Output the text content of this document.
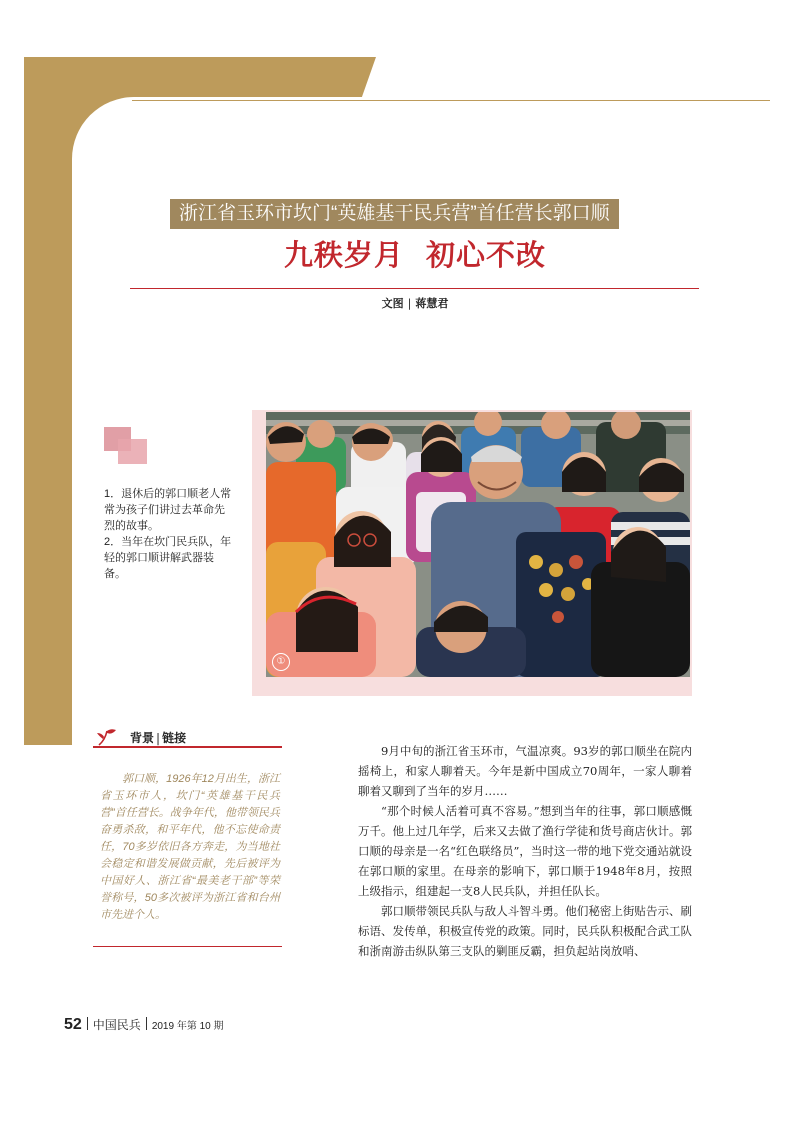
浙江省玉环市坎门“英雄基干民兵营”首任营长郭口顺
九秩岁月 初心不改
文图 | 蒋慧君

1．退休后的郭口顺老人常常为孩子们讲过去革命先烈的故事。

2．当年在坎门民兵队，年轻的郭口顺讲解武器装备。

①
背景 | 链接
郭口顺，1926年12月出生，浙江省玉环市人，坎门“英雄基干民兵营”首任营长。战争年代，他带领民兵奋勇杀敌，和平年代，他不忘使命责任，70多岁依旧各方奔走，为当地社会稳定和谐发展做贡献，先后被评为中国好人、浙江省“最美老干部”等荣誉称号，50多次被评为浙江省和台州市先进个人。

9月中旬的浙江省玉环市，气温凉爽。93岁的郭口顺坐在院内摇椅上，和家人聊着天。今年是新中国成立70周年，一家人聊着聊着又聊到了当年的岁月……

“那个时候人活着可真不容易。”想到当年的往事，郭口顺感慨万千。他上过几年学，后来又去做了渔行学徒和货号商店伙计。郭口顺的母亲是一名“红色联络员”，当时这一带的地下党交通站就设在郭口顺的家里。在母亲的影响下，郭口顺于1948年8月，按照上级指示，组建起一支8人民兵队，并担任队长。

郭口顺带领民兵队与敌人斗智斗勇。他们秘密上街贴告示、刷标语、发传单，积极宣传党的政策。同时，民兵队积极配合武工队和浙南游击纵队第三支队的剿匪反霸，担负起站岗放哨、

52 中国民兵 2019 年第 10 期
